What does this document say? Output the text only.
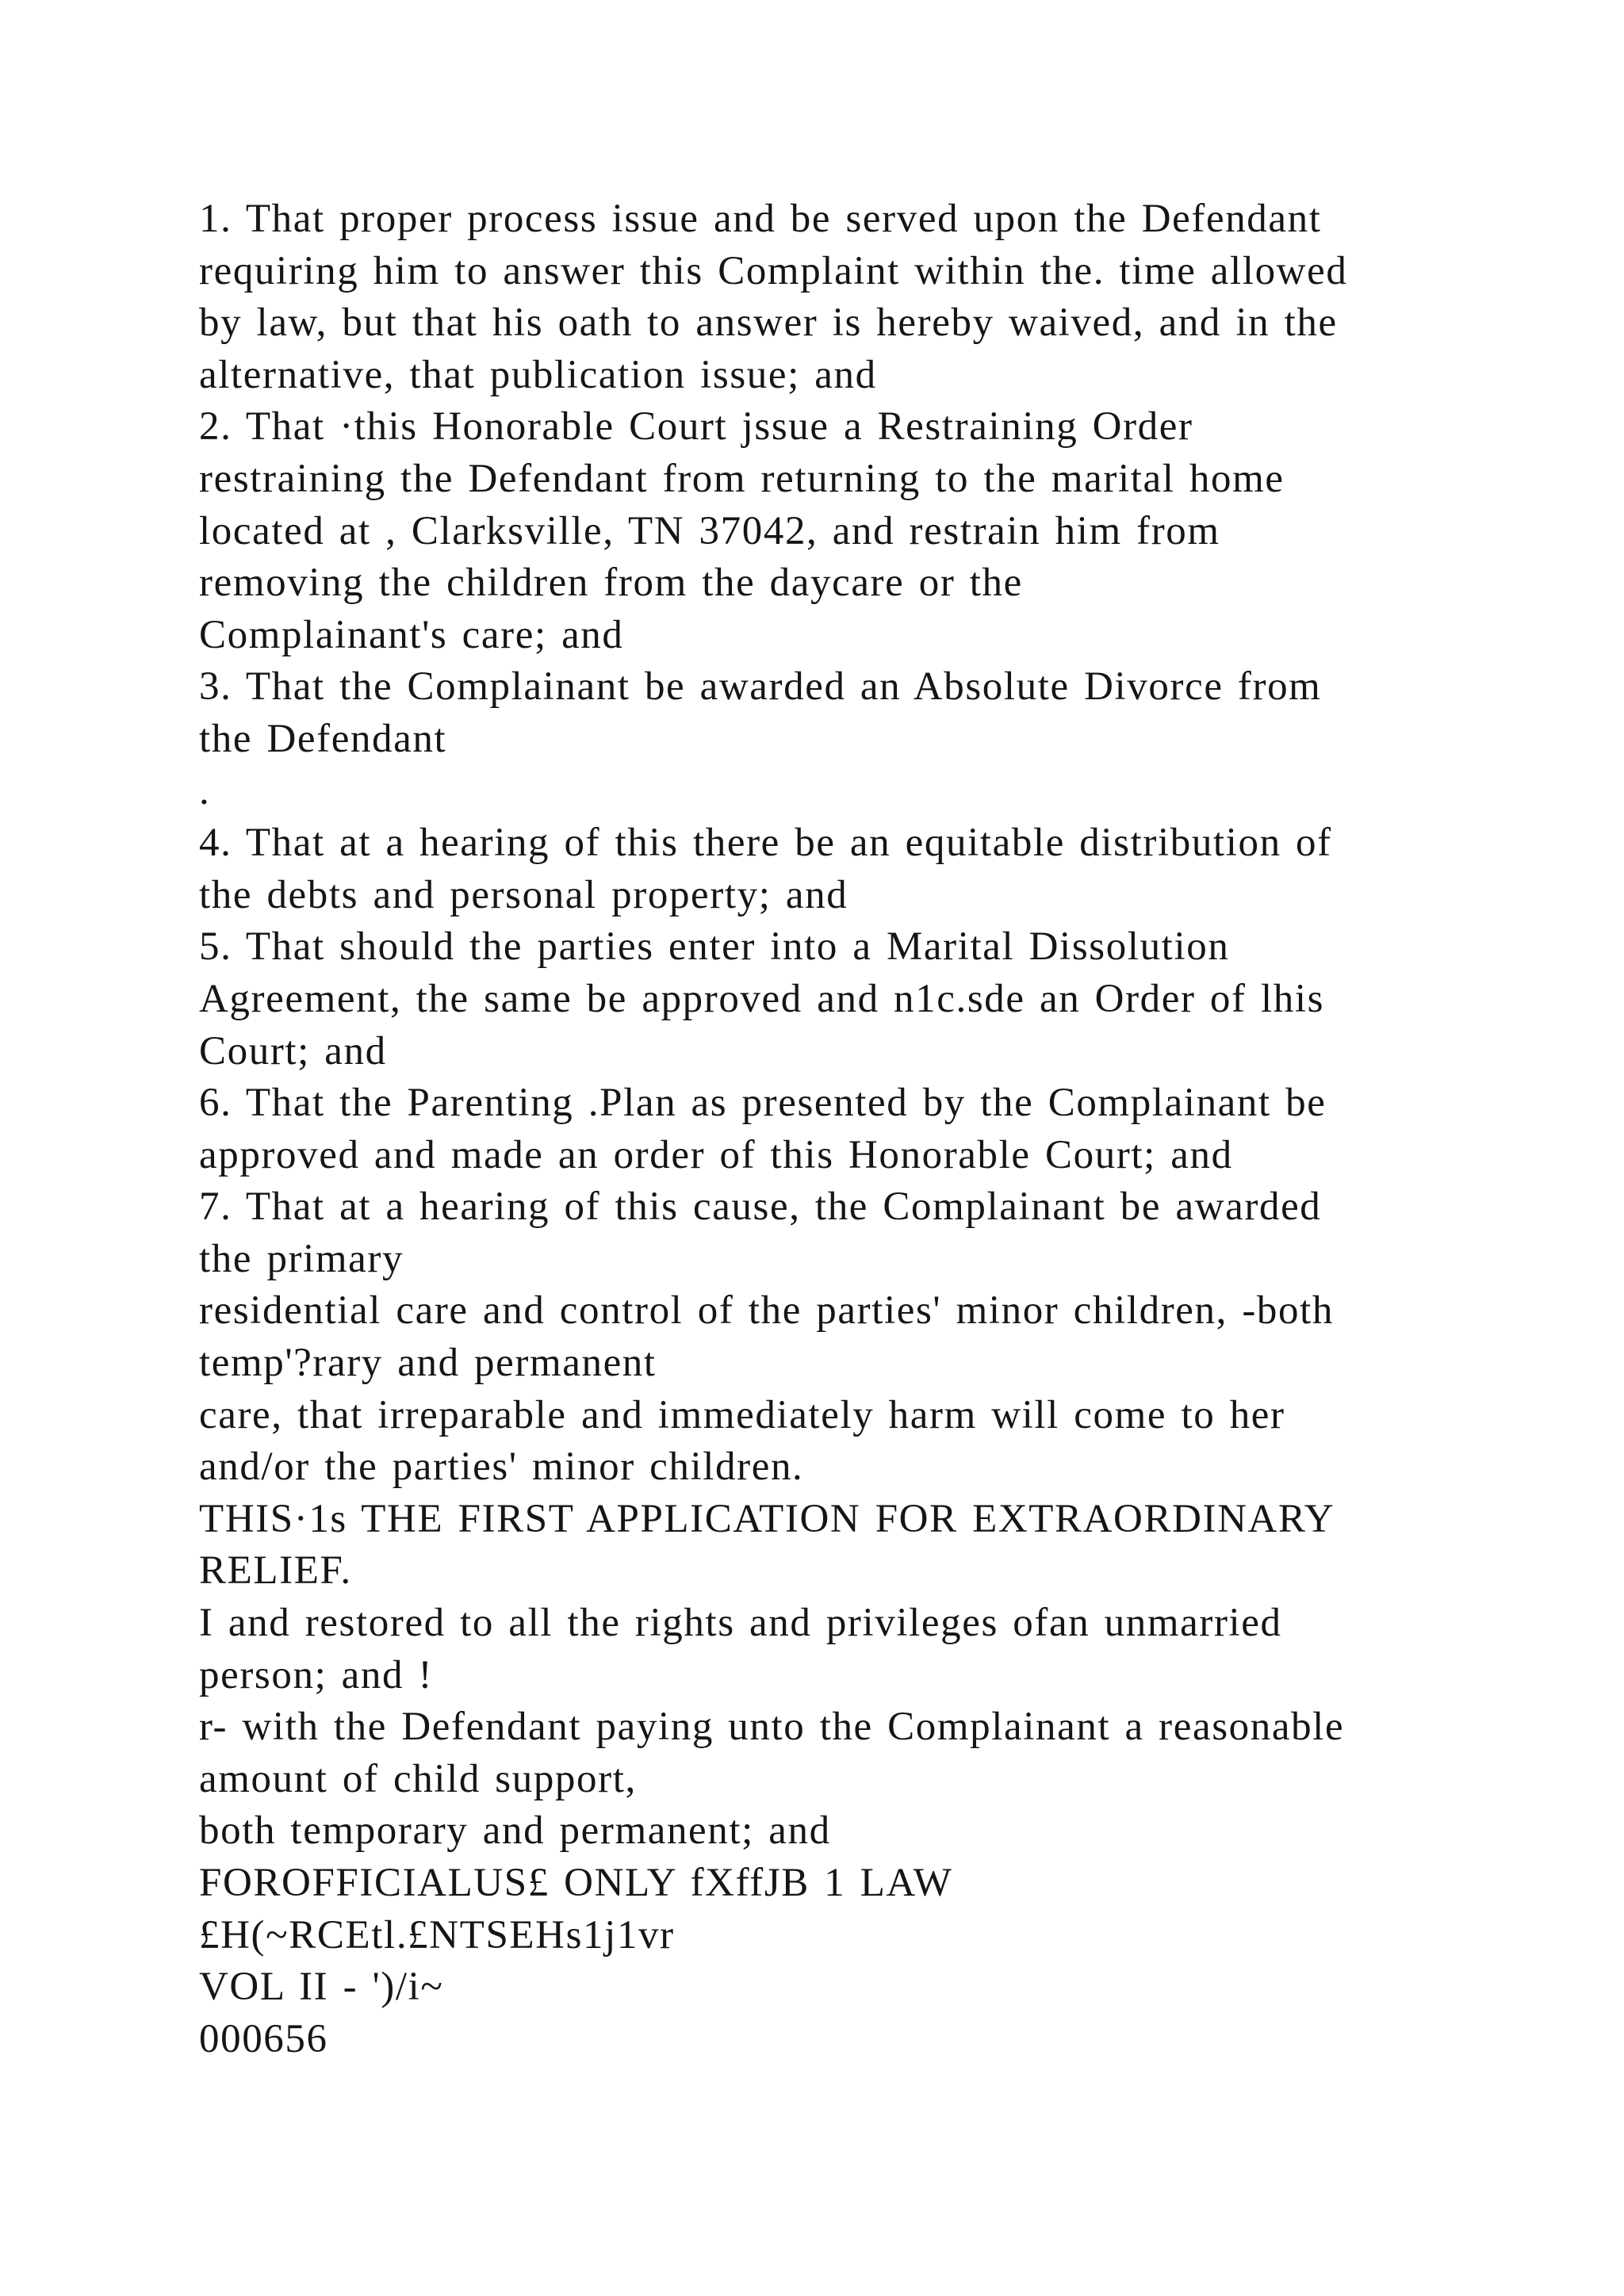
1. That proper process issue and be served upon the Defendant
requiring him to answer this Complaint within the. time allowed
by law, but that his oath to answer is hereby waived, and in the
alternative, that publication issue; and
2. That ·this Honorable Court jssue a Restraining Order
restraining the Defendant from returning to the marital home
located at , Clarksville, TN 37042, and restrain him from
removing the children from the daycare or the
Complainant's care; and
3. That the Complainant be awarded an Absolute Divorce from
the Defendant
.
4. That at a hearing of this there be an equitable distribution of
the debts and personal property; and
5. That should the parties enter into a Marital Dissolution
Agreement, the same be approved and n1c.sde an Order of lhis
Court; and
6. That the Parenting .Plan as presented by the Complainant be
approved and made an order of this Honorable Court; and
7. That at a hearing of this cause, the Complainant be awarded
the primary
residential care and control of the parties' minor children, -both
temp'?rary and permanent
care, that irreparable and immediately harm will come to her
and/or the parties' minor children.
THIS·1s THE FIRST APPLICATION FOR EXTRAORDINARY
RELIEF.
I and restored to all the rights and privileges ofan unmarried
person; and !
r- with the Defendant paying unto the Complainant a reasonable
amount of child support,
both temporary and permanent; and
FOROFFICIALUS£ ONLY fXffJB 1 LAW
£H(~RCEtl.£NTSEHs1j1vr
VOL II - ')/i~
000656
